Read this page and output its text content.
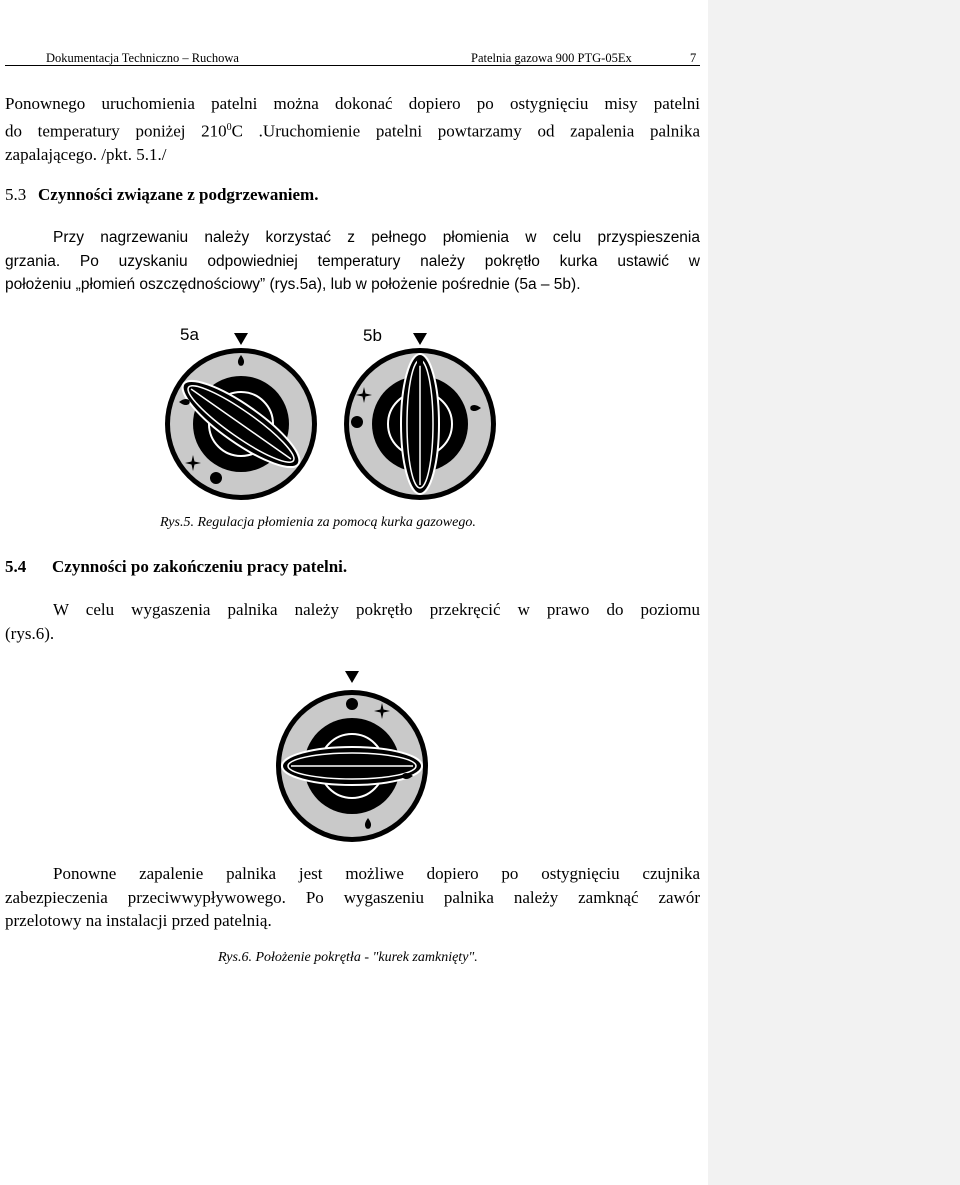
Dokumentacja Techniczno – Ruchowa	Patelnia gazowa 900 PTG-05Ex	7
Ponownego uruchomienia patelni można dokonać dopiero po ostygnięciu misy patelni
do temperatury poniżej $210^0C$ .Uruchomienie patelni powtarzamy od zapalenia palnika
zapalającego. /pkt. 5.1./
5.3 Czynności związane z podgrzewaniem.
Przy nagrzewaniu należy korzystać z pełnego płomienia w celu przyspieszenia
grzania. Po uzyskaniu odpowiedniej temperatury należy pokrętło kurka ustawić w
położeniu „płomień oszczędnościowy” (rys.5a), lub w położenie pośrednie (5a – 5b).
5a	5b
Rys.5. Regulacja płomienia za pomocą kurka gazowego.
5.4 Czynności po zakończeniu pracy patelni.
W celu wygaszenia palnika należy pokrętło przekręcić w prawo do poziomu
(rys.6).
Ponowne zapalenie palnika jest możliwe dopiero po ostygnięciu czujnika
zabezpieczenia przeciwwypływowego. Po wygaszeniu palnika należy zamknąć zawór
przelotowy na instalacji przed patelnią.
Rys.6. Położenie pokrętła - "kurek zamknięty".
